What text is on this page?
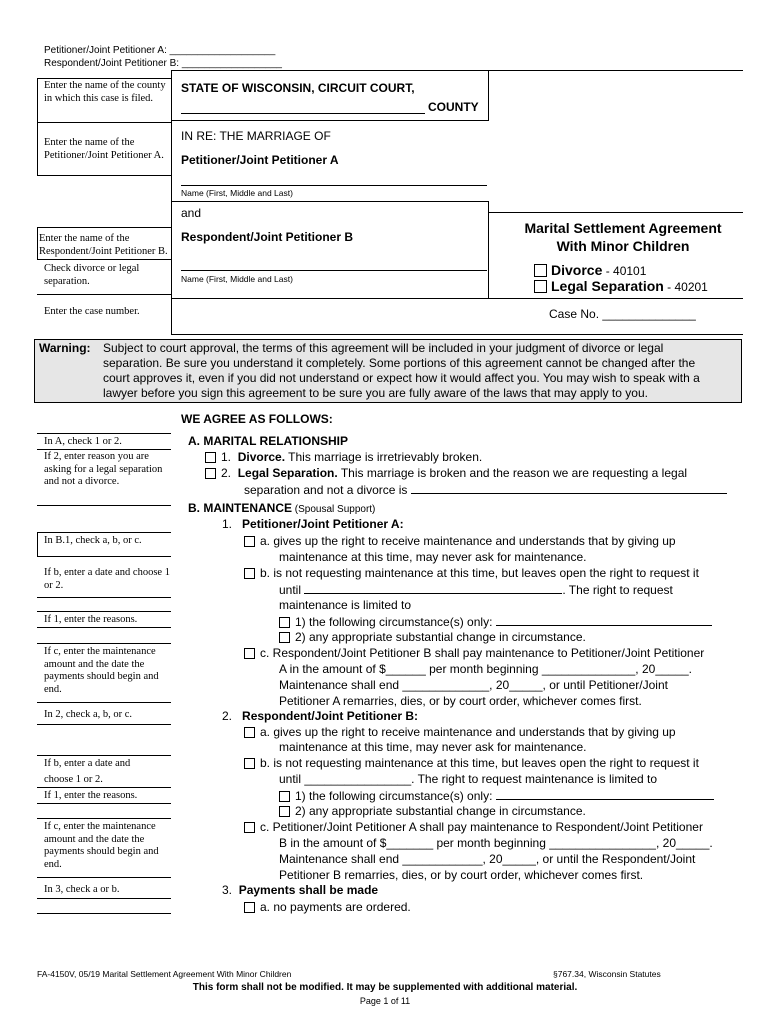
Petitioner/Joint Petitioner A: ___________________
Respondent/Joint Petitioner B: __________________
Enter the name of the county in which this case is filed.
Enter the name of the Petitioner/Joint Petitioner A.
Enter the name of the Respondent/Joint Petitioner B.
Check divorce or legal separation.
Enter the case number.
In A, check 1 or 2.
If 2, enter reason you are asking for a legal separation and not a divorce.
In B.1, check a, b, or c.
If b, enter a date and choose 1 or 2.
If 1, enter the reasons.
If c, enter the maintenance amount and the date the payments should begin and end.
In 2, check a, b, or c.
If b, enter a date and
choose 1 or 2.
If 1, enter the reasons.
If c, enter the maintenance amount and the date the payments should begin and end.
In 3, check a or b.
STATE OF WISCONSIN, CIRCUIT COURT,
COUNTY
IN RE: THE MARRIAGE OF
Petitioner/Joint Petitioner A
Name (First, Middle and Last)
and
Respondent/Joint Petitioner B
Name (First, Middle and Last)
Marital Settlement Agreement
With Minor Children
Divorce - 40101
Legal Separation - 40201
Case No. ______________
Warning: Subject to court approval, the terms of this agreement will be included in your judgment of divorce or legal
separation. Be sure you understand it completely. Some portions of this agreement cannot be changed after the
court approves it, even if you did not understand or expect how it would affect you. You may wish to speak with a
lawyer before you sign this agreement to be sure you are fully aware of the laws that may apply to you.
WE AGREE AS FOLLOWS:
A. MARITAL RELATIONSHIP
1. Divorce. This marriage is irretrievably broken.
2. Legal Separation. This marriage is broken and the reason we are requesting a legal
separation and not a divorce is
B. MAINTENANCE (Spousal Support)
1. Petitioner/Joint Petitioner A:
a. gives up the right to receive maintenance and understands that by giving up
maintenance at this time, may never ask for maintenance.
b. is not requesting maintenance at this time, but leaves open the right to request it
until	. The right to request
maintenance is limited to
1) the following circumstance(s) only:
2) any appropriate substantial change in circumstance.
c. Respondent/Joint Petitioner B shall pay maintenance to Petitioner/Joint Petitioner
A in the amount of $______ per month beginning ______________, 20_____.
Maintenance shall end _____________, 20_____, or until Petitioner/Joint
Petitioner A remarries, dies, or by court order, whichever comes first.
2. Respondent/Joint Petitioner B:
a. gives up the right to receive maintenance and understands that by giving up
maintenance at this time, may never ask for maintenance.
b. is not requesting maintenance at this time, but leaves open the right to request it
until ________________. The right to request maintenance is limited to
1) the following circumstance(s) only:
2) any appropriate substantial change in circumstance.
c. Petitioner/Joint Petitioner A shall pay maintenance to Respondent/Joint Petitioner
B in the amount of $_______ per month beginning ________________, 20_____.
Maintenance shall end ____________, 20_____, or until the Respondent/Joint
Petitioner B remarries, dies, or by court order, whichever comes first.
3. Payments shall be made
a. no payments are ordered.
FA-4150V, 05/19 Marital Settlement Agreement With Minor Children	§767.34, Wisconsin Statutes
This form shall not be modified. It may be supplemented with additional material.
Page 1 of 11
